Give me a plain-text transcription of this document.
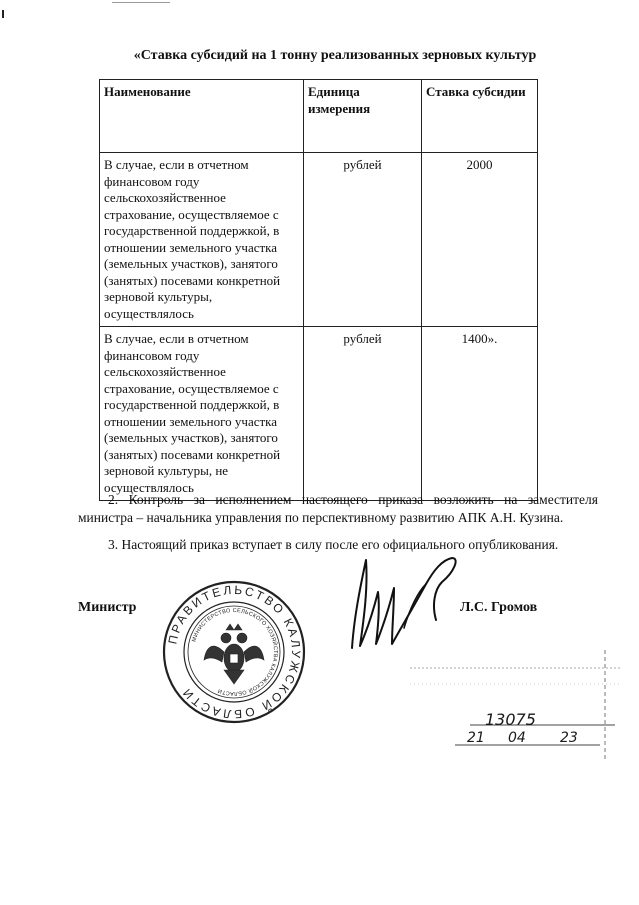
«Ставка субсидий на 1 тонну реализованных зерновых культур
Наименование	Единица измерения	Ставка субсидии
В случае, если в отчетном финансовом году сельскохозяйственное страхование, осуществляемое с государственной поддержкой, в отношении земельного участка (земельных участков), занятого (занятых) посевами конкретной зерновой культуры, осуществлялось	рублей	2000
В случае, если в отчетном финансовом году сельскохозяйственное страхование, осуществляемое с государственной поддержкой, в отношении земельного участка (земельных участков), занятого (занятых) посевами конкретной зерновой культуры, не осуществлялось	рублей	1400».
2. Контроль за исполнением настоящего приказа возложить на заместителя министра – начальника управления по перспективному развитию АПК А.Н. Кузина.
3. Настоящий приказ вступает в силу после его официального опубликования.
Министр
ПРАВИТЕЛЬСТВО КАЛУЖСКОЙ ОБЛАСТИ
МИНИСТЕРСТВО СЕЛЬСКОГО ХОЗЯЙСТВА КАЛУЖСКОЙ ОБЛАСТИ
Л.С. Громов
13075
21 04 23
